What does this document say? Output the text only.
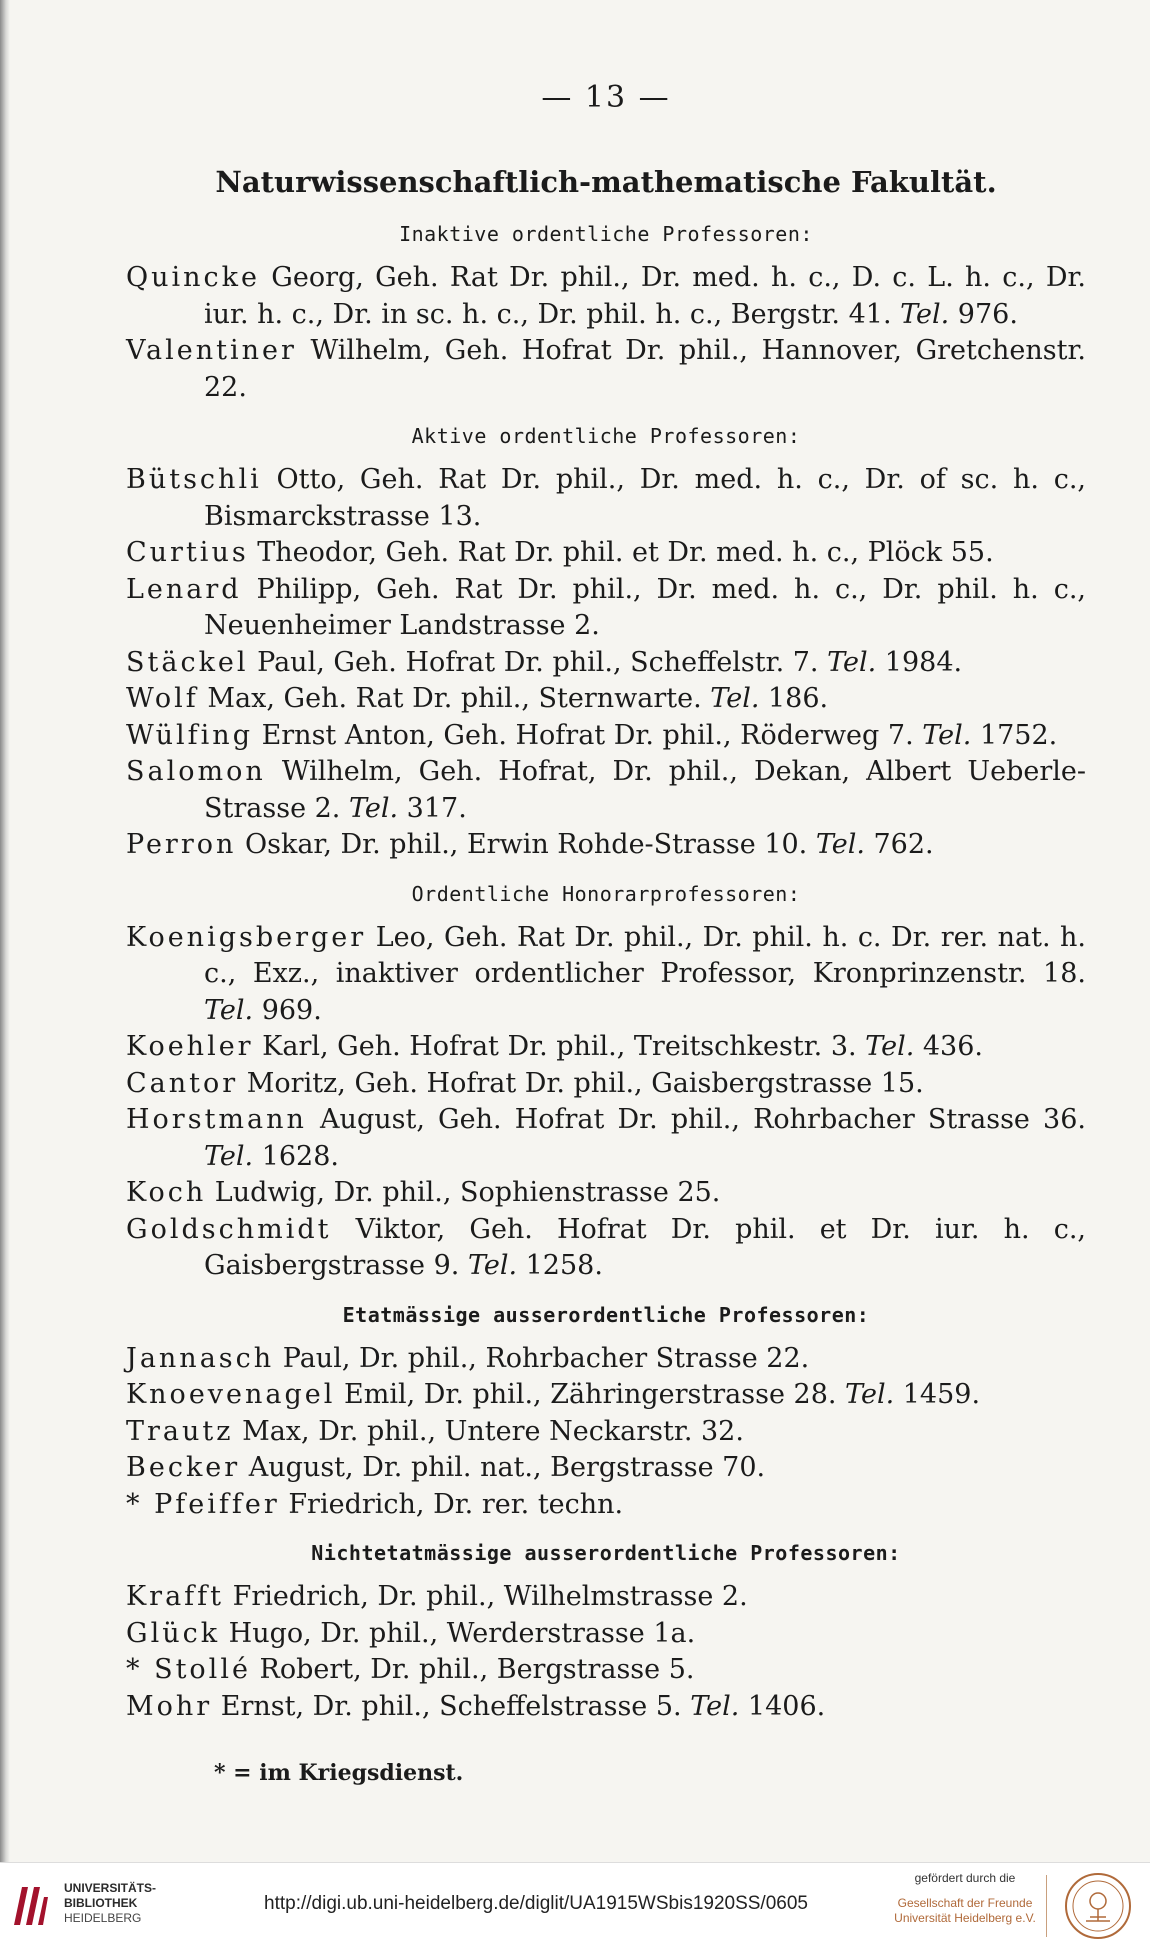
— 13 —
Naturwissenschaftlich-mathematische Fakultät.
Inaktive ordentliche Professoren:
Quincke Georg, Geh. Rat Dr. phil., Dr. med. h. c., D. c. L. h. c., Dr. iur. h. c., Dr. in sc. h. c., Dr. phil. h. c., Bergstr. 41. Tel. 976.
Valentiner Wilhelm, Geh. Hofrat Dr. phil., Hannover, Gretchenstr. 22.
Aktive ordentliche Professoren:
Bütschli Otto, Geh. Rat Dr. phil., Dr. med. h. c., Dr. of sc. h. c., Bismarckstrasse 13.
Curtius Theodor, Geh. Rat Dr. phil. et Dr. med. h. c., Plöck 55.
Lenard Philipp, Geh. Rat Dr. phil., Dr. med. h. c., Dr. phil. h. c., Neuenheimer Landstrasse 2.
Stäckel Paul, Geh. Hofrat Dr. phil., Scheffelstr. 7. Tel. 1984.
Wolf Max, Geh. Rat Dr. phil., Sternwarte. Tel. 186.
Wülfing Ernst Anton, Geh. Hofrat Dr. phil., Röderweg 7. Tel. 1752.
Salomon Wilhelm, Geh. Hofrat, Dr. phil., Dekan, Albert Ueberle-Strasse 2. Tel. 317.
Perron Oskar, Dr. phil., Erwin Rohde-Strasse 10. Tel. 762.
Ordentliche Honorarprofessoren:
Koenigsberger Leo, Geh. Rat Dr. phil., Dr. phil. h. c. Dr. rer. nat. h. c., Exz., inaktiver ordentlicher Professor, Kronprinzenstr. 18. Tel. 969.
Koehler Karl, Geh. Hofrat Dr. phil., Treitschkestr. 3. Tel. 436.
Cantor Moritz, Geh. Hofrat Dr. phil., Gaisbergstrasse 15.
Horstmann August, Geh. Hofrat Dr. phil., Rohrbacher Strasse 36. Tel. 1628.
Koch Ludwig, Dr. phil., Sophienstrasse 25.
Goldschmidt Viktor, Geh. Hofrat Dr. phil. et Dr. iur. h. c., Gaisbergstrasse 9. Tel. 1258.
Etatmässige ausserordentliche Professoren:
Jannasch Paul, Dr. phil., Rohrbacher Strasse 22.
Knoevenagel Emil, Dr. phil., Zähringerstrasse 28. Tel. 1459.
Trautz Max, Dr. phil., Untere Neckarstr. 32.
Becker August, Dr. phil. nat., Bergstrasse 70.
* Pfeiffer Friedrich, Dr. rer. techn.
Nichtetatmässige ausserordentliche Professoren:
Krafft Friedrich, Dr. phil., Wilhelmstrasse 2.
Glück Hugo, Dr. phil., Werderstrasse 1a.
* Stollé Robert, Dr. phil., Bergstrasse 5.
Mohr Ernst, Dr. phil., Scheffelstrasse 5. Tel. 1406.
* = im Kriegsdienst.
UNIVERSITÄTS-
BIBLIOTHEK
HEIDELBERG
http://digi.ub.uni-heidelberg.de/diglit/UA1915WSbis1920SS/0605
gefördert durch die
Gesellschaft der Freunde
Universität Heidelberg e.V.
